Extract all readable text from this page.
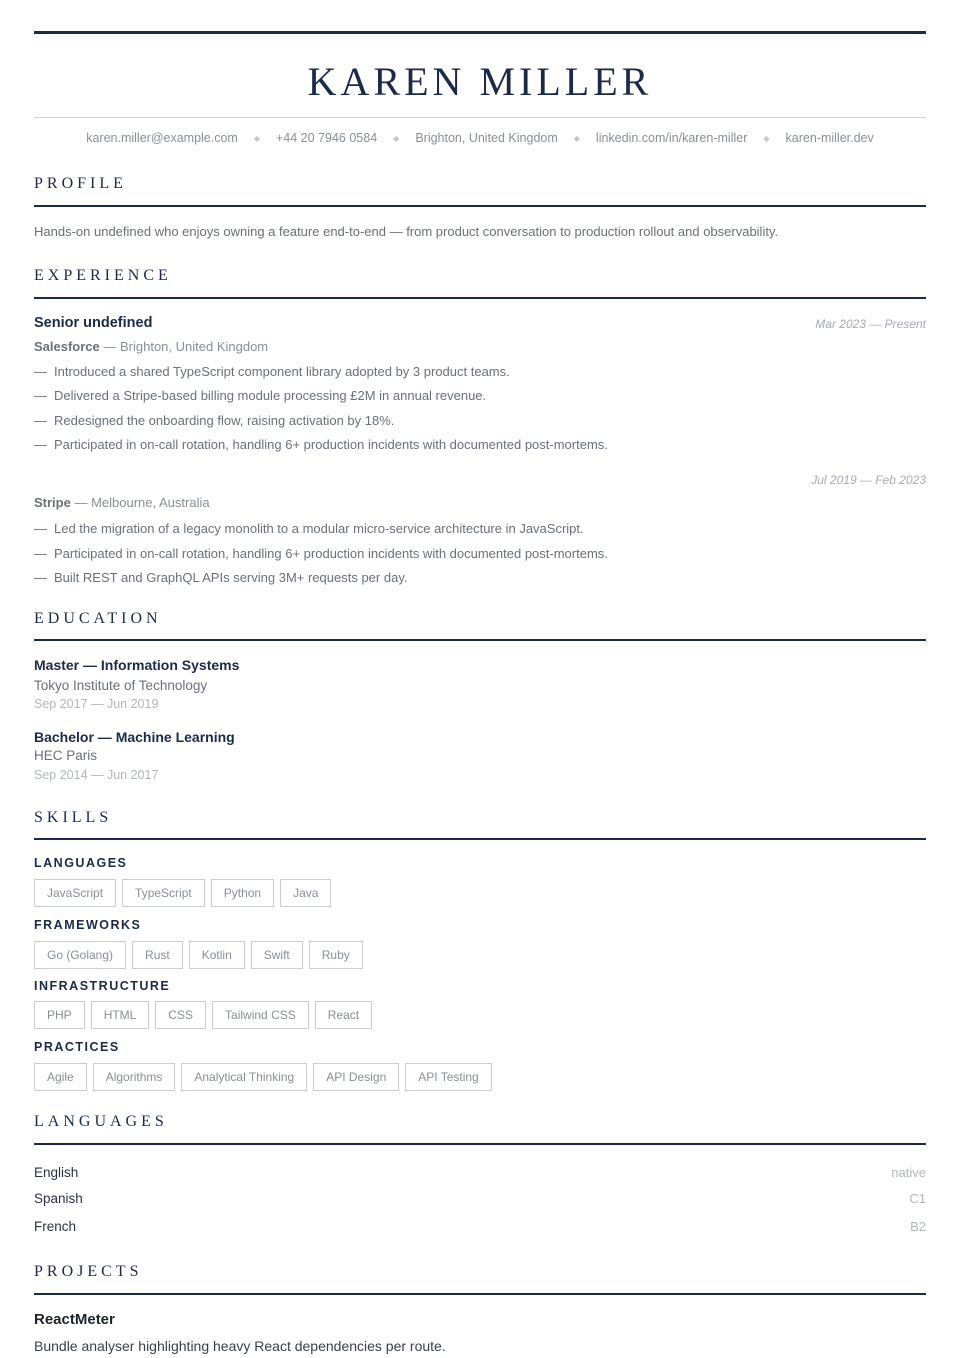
KAREN MILLER
karen.miller@example.com ◆ +44 20 7946 0584 ◆ Brighton, United Kingdom ◆ linkedin.com/in/karen-miller ◆ karen-miller.dev
PROFILE
Hands-on undefined who enjoys owning a feature end-to-end — from product conversation to production rollout and observability.
EXPERIENCE
Senior undefined	Mar 2023 — Present
Salesforce — Brighton, United Kingdom
— Introduced a shared TypeScript component library adopted by 3 product teams.
— Delivered a Stripe-based billing module processing £2M in annual revenue.
— Redesigned the onboarding flow, raising activation by 18%.
— Participated in on-call rotation, handling 6+ production incidents with documented post-mortems.
Jul 2019 — Feb 2023
Stripe — Melbourne, Australia
— Led the migration of a legacy monolith to a modular micro-service architecture in JavaScript.
— Participated in on-call rotation, handling 6+ production incidents with documented post-mortems.
— Built REST and GraphQL APIs serving 3M+ requests per day.
EDUCATION
Master — Information Systems
Tokyo Institute of Technology
Sep 2017 — Jun 2019
Bachelor — Machine Learning
HEC Paris
Sep 2014 — Jun 2017
SKILLS
LANGUAGES
JavaScript	TypeScript	Python	Java
FRAMEWORKS
Go (Golang)	Rust	Kotlin	Swift	Ruby
INFRASTRUCTURE
PHP	HTML	CSS	Tailwind CSS	React
PRACTICES
Agile	Algorithms	Analytical Thinking	API Design	API Testing
LANGUAGES
English	native
Spanish	C1
French	B2
PROJECTS
ReactMeter
Bundle analyser highlighting heavy React dependencies per route.
